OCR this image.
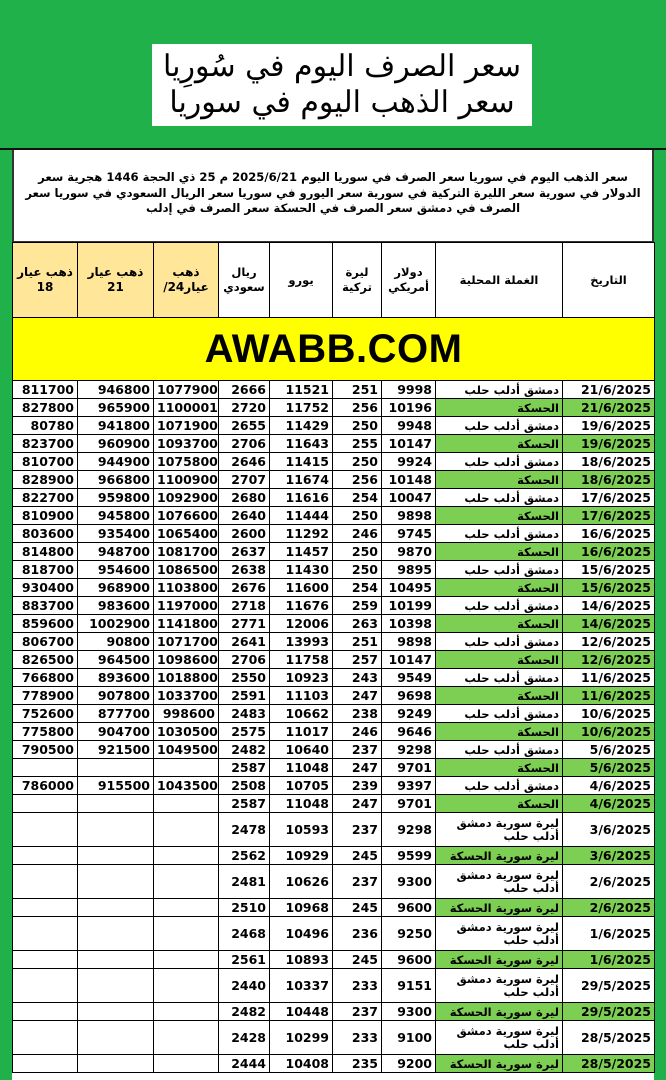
سعر الصرف اليوم في سُورِيا
سعر الذهب اليوم في سوريا
سعر الذهب اليوم في سوريا سعر الصرف في سوريا اليوم 2025/6/21 م 25 ذي الحجة 1446 هجرية سعر الدولار في سورية سعر الليرة التركية في سورية سعر اليورو في سوريا سعر الريال السعودي في سوريا سعر الصرف في دمشق سعر الصرف في الحسكة سعر الصرف في إدلب
ذهب عيار 18	ذهب عيار 21	ذهب عيار24/	ريال سعودي	يورو	ليرة تركية	دولار أمريكي	الغملة المحلية	التاريخ
AWABB.COM								
811700	946800	1077900	2666	11521	251	9998	دمشق أدلب حلب	21/6/2025
827800	965900	1100001	2720	11752	256	10196	الحسكة	21/6/2025
80780	941800	1071900	2655	11429	250	9948	دمشق أدلب حلب	19/6/2025
823700	960900	1093700	2706	11643	255	10147	الحسكة	19/6/2025
810700	944900	1075800	2646	11415	250	9924	دمشق أدلب حلب	18/6/2025
828900	966800	1100900	2707	11674	256	10148	الحسكة	18/6/2025
822700	959800	1092900	2680	11616	254	10047	دمشق أدلب حلب	17/6/2025
810900	945800	1076600	2640	11444	250	9898	الحسكة	17/6/2025
803600	935400	1065400	2600	11292	246	9745	دمشق أدلب حلب	16/6/2025
814800	948700	1081700	2637	11457	250	9870	الحسكة	16/6/2025
818700	954600	1086500	2638	11430	250	9895	دمشق أدلب حلب	15/6/2025
930400	968900	1103800	2676	11600	254	10495	الحسكة	15/6/2025
883700	983600	1197000	2718	11676	259	10199	دمشق أدلب حلب	14/6/2025
859600	1002900	1141800	2771	12006	263	10398	الحسكة	14/6/2025
806700	90800	1071700	2641	13993	251	9898	دمشق أدلب حلب	12/6/2025
826500	964500	1098600	2706	11758	257	10147	الحسكة	12/6/2025
766800	893600	1018800	2550	10923	243	9549	دمشق أدلب حلب	11/6/2025
778900	907800	1033700	2591	11103	247	9698	الحسكة	11/6/2025
752600	877700	998600	2483	10662	238	9249	دمشق أدلب حلب	10/6/2025
775800	904700	1030500	2575	11017	246	9646	الحسكة	10/6/2025
790500	921500	1049500	2482	10640	237	9298	دمشق أدلب حلب	5/6/2025
			2587	11048	247	9701	الحسكة	5/6/2025
786000	915500	1043500	2508	10705	239	9397	دمشق أدلب حلب	4/6/2025
			2587	11048	247	9701	الحسكة	4/6/2025
			2478	10593	237	9298	ليرة سورية دمشق أدلب حلب	3/6/2025
			2562	10929	245	9599	ليرة سورية الحسكة	3/6/2025
			2481	10626	237	9300	ليرة سورية دمشق أدلب حلب	2/6/2025
			2510	10968	245	9600	ليرة سورية الحسكة	2/6/2025
			2468	10496	236	9250	ليرة سورية دمشق أدلب حلب	1/6/2025
			2561	10893	245	9600	ليرة سورية الحسكة	1/6/2025
			2440	10337	233	9151	ليرة سورية دمشق أدلب حلب	29/5/2025
			2482	10448	237	9300	ليرة سورية الحسكة	29/5/2025
			2428	10299	233	9100	ليرة سورية دمشق أدلب حلب	28/5/2025
			2444	10408	235	9200	ليرة سورية الحسكة	28/5/2025
